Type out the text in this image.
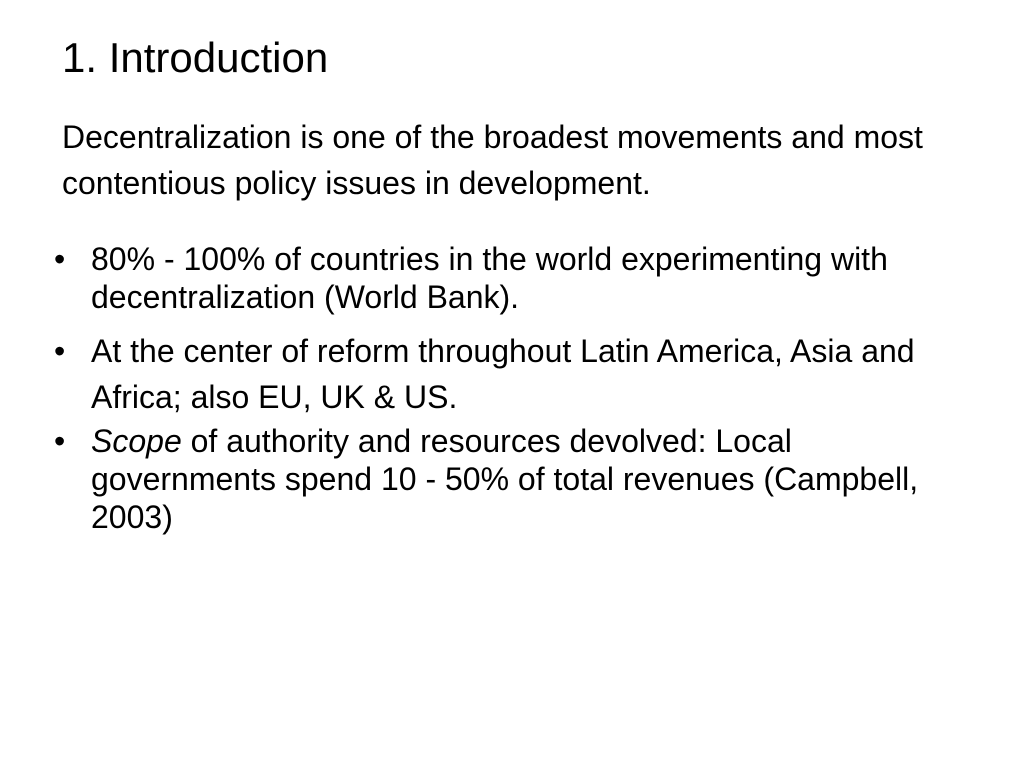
1. Introduction

Decentralization is one of the broadest movements and most contentious policy issues in development.

• 80% - 100% of countries in the world experimenting with decentralization (World Bank).
• At the center of reform throughout Latin America, Asia and Africa; also EU, UK & US.
• Scope of authority and resources devolved: Local governments spend 10 - 50% of total revenues (Campbell, 2003)
